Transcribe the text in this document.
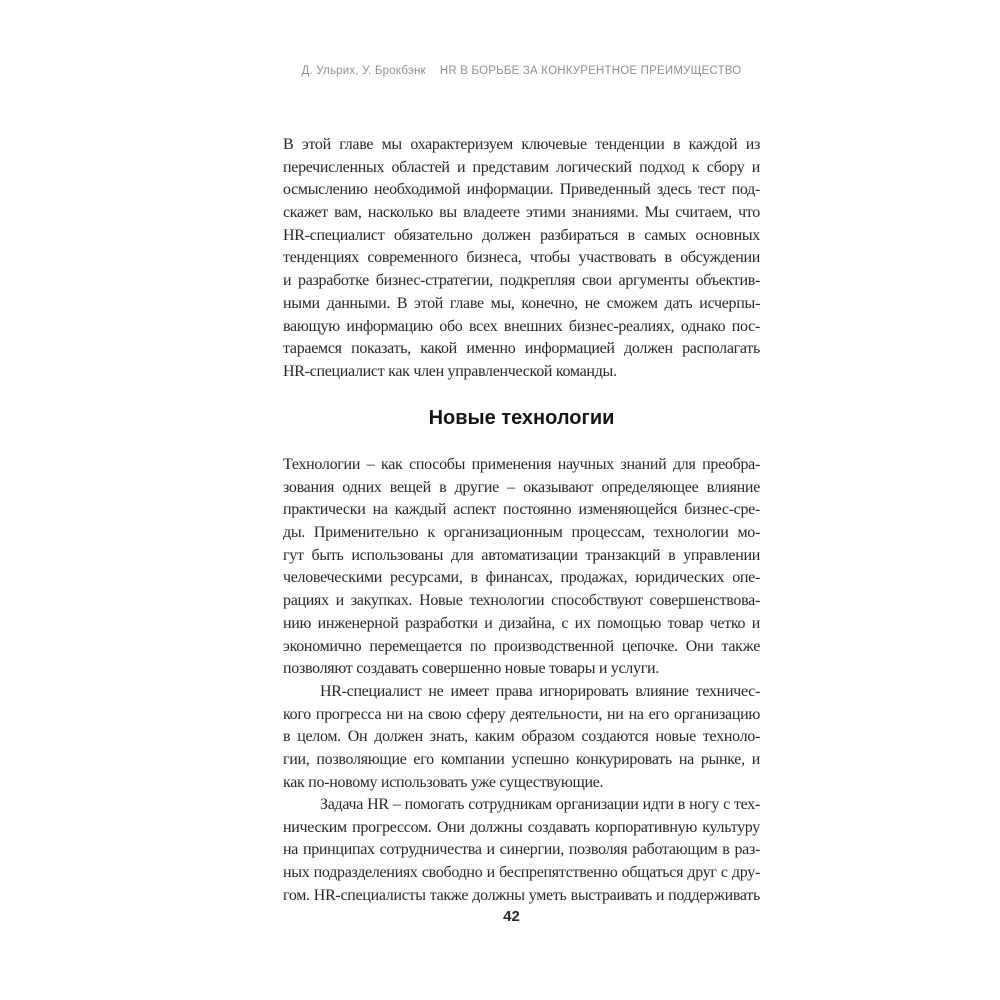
Д. Ульрих, У. Брокбэнк HR В БОРЬБЕ ЗА КОНКУРЕНТНОЕ ПРЕИМУЩЕСТВО
В этой главе мы охарактеризуем ключевые тенденции в каждой из
перечисленных областей и представим логический подход к сбору и
осмыслению необходимой информации. Приведенный здесь тест под-
скажет вам, насколько вы владеете этими знаниями. Мы считаем, что
HR-специалист обязательно должен разбираться в самых основных
тенденциях современного бизнеса, чтобы участвовать в обсуждении
и разработке бизнес-стратегии, подкрепляя свои аргументы объектив-
ными данными. В этой главе мы, конечно, не сможем дать исчерпы-
вающую информацию обо всех внешних бизнес-реалиях, однако пос-
тараемся показать, какой именно информацией должен располагать
HR-специалист как член управленческой команды.
Новые технологии
Технологии – как способы применения научных знаний для преобра-
зования одних вещей в другие – оказывают определяющее влияние
практически на каждый аспект постоянно изменяющейся бизнес-сре-
ды. Применительно к организационным процессам, технологии мо-
гут быть использованы для автоматизации транзакций в управлении
человеческими ресурсами, в финансах, продажах, юридических опе-
рациях и закупках. Новые технологии способствуют совершенствова-
нию инженерной разработки и дизайна, с их помощью товар четко и
экономично перемещается по производственной цепочке. Они также
позволяют создавать совершенно новые товары и услуги.
HR-специалист не имеет права игнорировать влияние техничес-
кого прогресса ни на свою сферу деятельности, ни на его организацию
в целом. Он должен знать, каким образом создаются новые техноло-
гии, позволяющие его компании успешно конкурировать на рынке, и
как по-новому использовать уже существующие.
Задача HR – помогать сотрудникам организации идти в ногу с тех-
ническим прогрессом. Они должны создавать корпоративную культуру
на принципах сотрудничества и синергии, позволяя работающим в раз-
ных подразделениях свободно и беспрепятственно общаться друг с дру-
гом. HR-специалисты также должны уметь выстраивать и поддерживать
42
